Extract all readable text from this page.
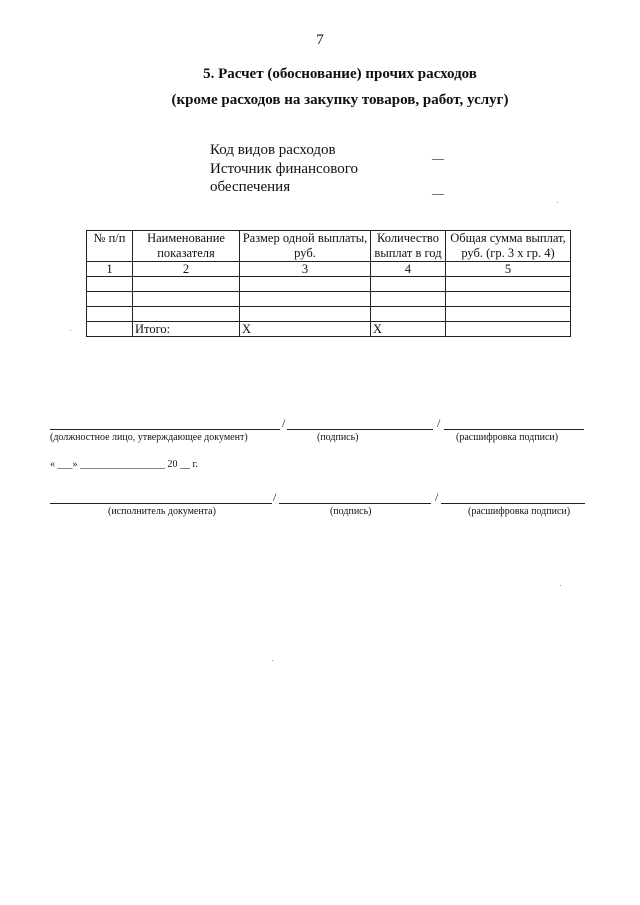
7
5. Расчет (обоснование) прочих расходов
(кроме расходов на закупку товаров, работ, услуг)
Код видов расходов	__
Источник финансового
обеспечения	__
№ п/п	Наименование показателя	Размер одной выплаты, руб.	Количество выплат в год	Общая сумма выплат, руб. (гр. 3 x гр. 4)
1	2	3	4	5

	Итого:	X	X	
/	/
(должностное лицо, утверждающее документ)	(подпись)	(расшифровка подписи)
« ___» _________________ 20 __ г.
/	/
(исполнитель документа)	(подпись)	(расшифровка подписи)
